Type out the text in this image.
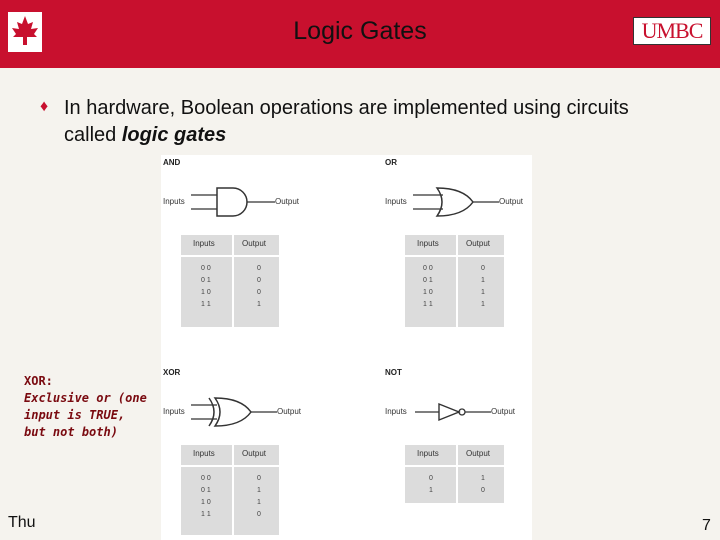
Logic Gates	UMBC
♦ In hardware, Boolean operations are implemented using circuits called logic gates
AND
Inputs	Output
Inputs	Output
0 0	0
0 1	0
1 0	0
1 1	1
OR
Inputs	Output
Inputs	Output
0 0	0
0 1	1
1 0	1
1 1	1
XOR
Inputs	Output
Inputs	Output
0 0	0
0 1	1
1 0	1
1 1	0
NOT
Inputs	Output
Inputs	Output
0	1
1	0
XOR:
Exclusive or (one input is TRUE, but not both)
Thu	7
